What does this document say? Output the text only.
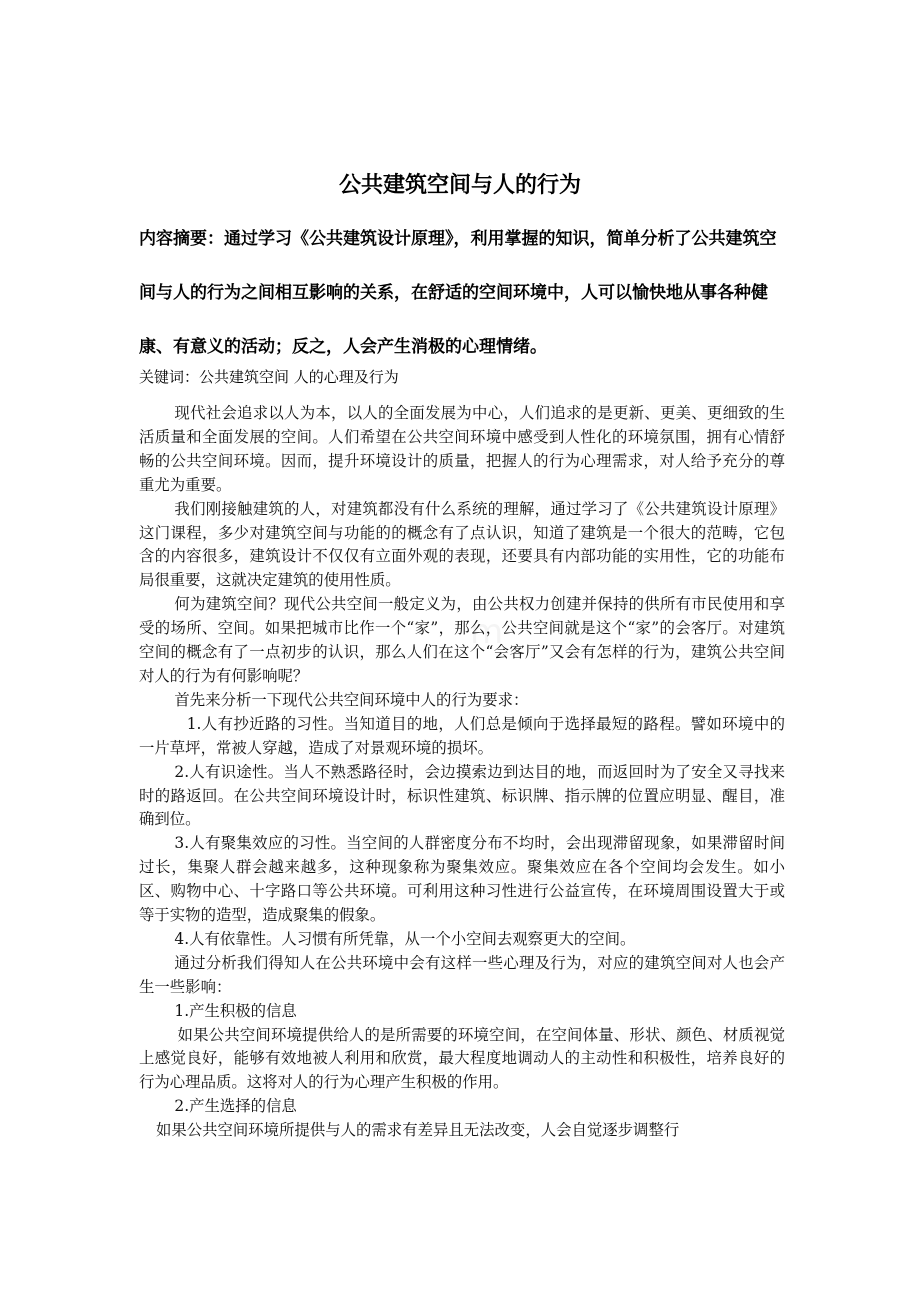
公共建筑空间与人的行为
内容摘要：通过学习《公共建筑设计原理》，利用掌握的知识，简单分析了公共建筑空间与人的行为之间相互影响的关系，在舒适的空间环境中，人可以愉快地从事各种健康、有意义的活动；反之，人会产生消极的心理情绪。
关键词：公共建筑空间 人的心理及行为

现代社会追求以人为本，以人的全面发展为中心，人们追求的是更新、更美、更细致的生活质量和全面发展的空间。人们希望在公共空间环境中感受到人性化的环境氛围，拥有心情舒畅的公共空间环境。因而，提升环境设计的质量，把握人的行为心理需求，对人给予充分的尊重尤为重要。

我们刚接触建筑的人，对建筑都没有什么系统的理解，通过学习了《公共建筑设计原理》这门课程，多少对建筑空间与功能的的概念有了点认识，知道了建筑是一个很大的范畴，它包含的内容很多，建筑设计不仅仅有立面外观的表现，还要具有内部功能的实用性，它的功能布局很重要，这就决定建筑的使用性质。

何为建筑空间？现代公共空间一般定义为，由公共权力创建并保持的供所有市民使用和享受的场所、空间。如果把城市比作一个“家”，那么，公共空间就是这个“家”的会客厅。对建筑空间的概念有了一点初步的认识，那么人们在这个“会客厅”又会有怎样的行为，建筑公共空间对人的行为有何影响呢？

首先来分析一下现代公共空间环境中人的行为要求：

1.人有抄近路的习性。当知道目的地，人们总是倾向于选择最短的路程。譬如环境中的一片草坪，常被人穿越，造成了对景观环境的损坏。

2.人有识途性。当人不熟悉路径时，会边摸索边到达目的地，而返回时为了安全又寻找来时的路返回。在公共空间环境设计时，标识性建筑、标识牌、指示牌的位置应明显、醒目，准确到位。

3.人有聚集效应的习性。当空间的人群密度分布不均时，会出现滞留现象，如果滞留时间过长，集聚人群会越来越多，这种现象称为聚集效应。聚集效应在各个空间均会发生。如小区、购物中心、十字路口等公共环境。可利用这种习性进行公益宣传，在环境周围设置大于或等于实物的造型，造成聚集的假象。

4.人有依靠性。人习惯有所凭靠，从一个小空间去观察更大的空间。

通过分析我们得知人在公共环境中会有这样一些心理及行为，对应的建筑空间对人也会产生一些影响：

1.产生积极的信息

如果公共空间环境提供给人的是所需要的环境空间，在空间体量、形状、颜色、材质视觉上感觉良好，能够有效地被人利用和欣赏，最大程度地调动人的主动性和积极性，培养良好的行为心理品质。这将对人的行为心理产生积极的作用。

2.产生选择的信息

如果公共空间环境所提供与人的需求有差异且无法改变，人会自觉逐步调整行
